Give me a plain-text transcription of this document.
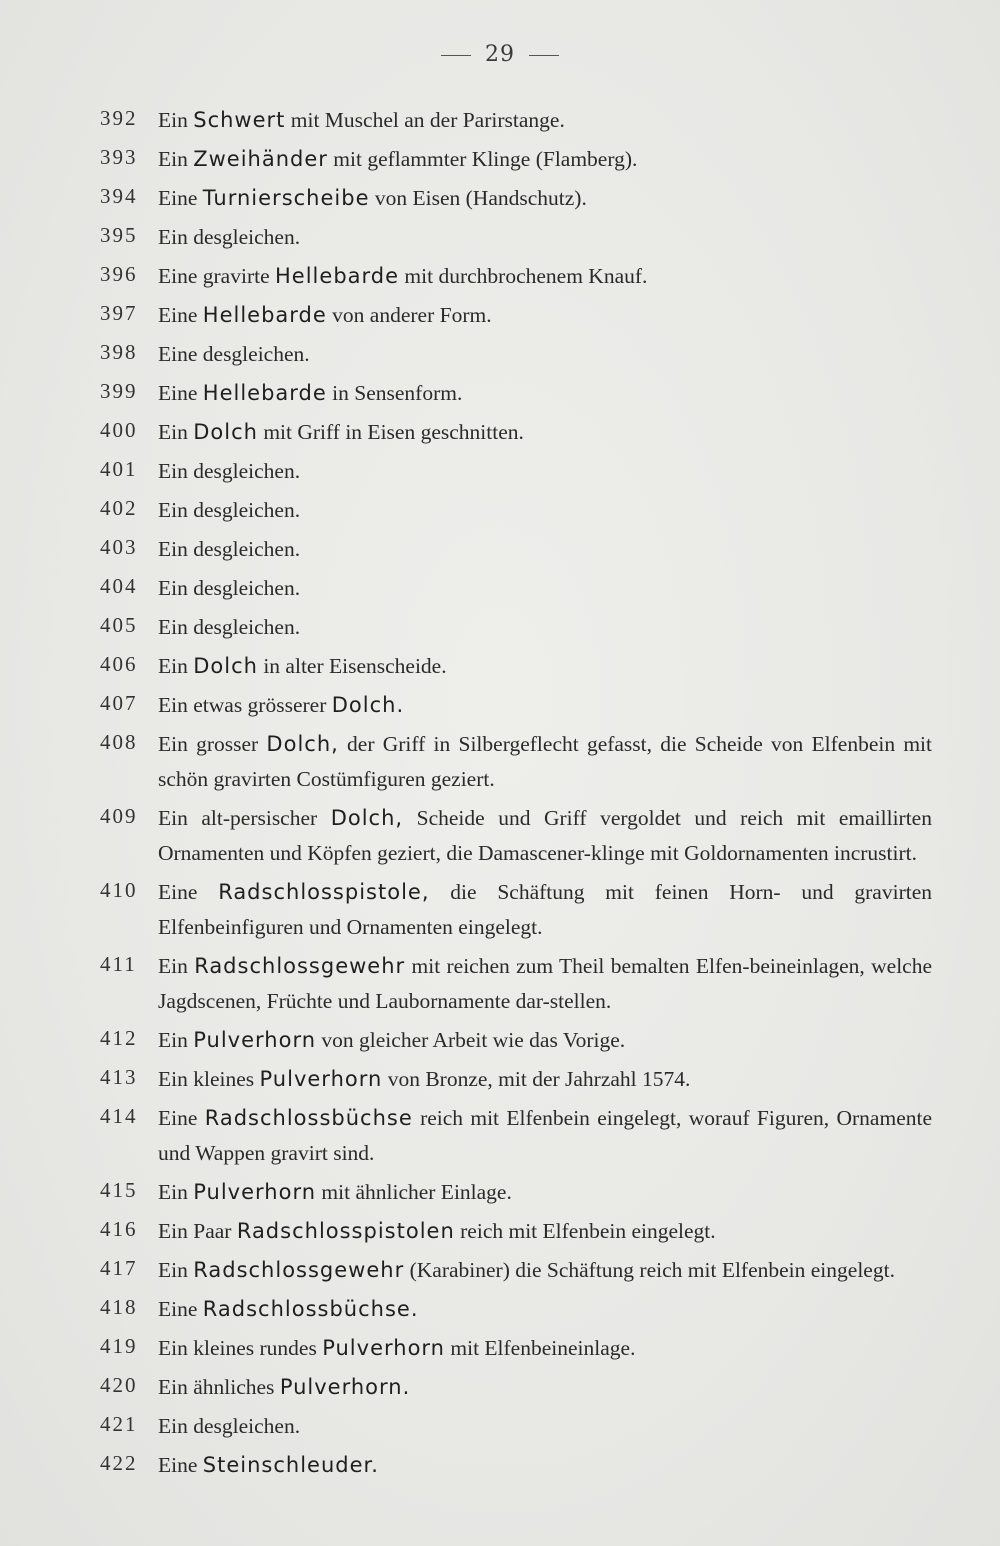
29
392 Ein Schwert mit Muschel an der Parirstange.
393 Ein Zweihänder mit geflammter Klinge (Flamberg).
394 Eine Turnierscheibe von Eisen (Handschutz).
395 Ein desgleichen.
396 Eine gravirte Hellebarde mit durchbrochenem Knauf.
397 Eine Hellebarde von anderer Form.
398 Eine desgleichen.
399 Eine Hellebarde in Sensenform.
400 Ein Dolch mit Griff in Eisen geschnitten.
401 Ein desgleichen.
402 Ein desgleichen.
403 Ein desgleichen.
404 Ein desgleichen.
405 Ein desgleichen.
406 Ein Dolch in alter Eisenscheide.
407 Ein etwas grösserer Dolch.
408 Ein grosser Dolch, der Griff in Silbergeflecht gefasst, die Scheide von Elfenbein mit schön gravirten Costümfiguren geziert.
409 Ein alt-persischer Dolch, Scheide und Griff vergoldet und reich mit emaillirten Ornamenten und Köpfen geziert, die Damascener-klinge mit Goldornamenten incrustirt.
410 Eine Radschlosspistole, die Schäftung mit feinen Horn- und gravirten Elfenbeinfiguren und Ornamenten eingelegt.
411 Ein Radschlossgewehr mit reichen zum Theil bemalten Elfen-beineinlagen, welche Jagdscenen, Früchte und Laubornamente dar-stellen.
412 Ein Pulverhorn von gleicher Arbeit wie das Vorige.
413 Ein kleines Pulverhorn von Bronze, mit der Jahrzahl 1574.
414 Eine Radschlossbüchse reich mit Elfenbein eingelegt, worauf Figuren, Ornamente und Wappen gravirt sind.
415 Ein Pulverhorn mit ähnlicher Einlage.
416 Ein Paar Radschlosspistolen reich mit Elfenbein eingelegt.
417 Ein Radschlossgewehr (Karabiner) die Schäftung reich mit Elfenbein eingelegt.
418 Eine Radschlossbüchse.
419 Ein kleines rundes Pulverhorn mit Elfenbeineinlage.
420 Ein ähnliches Pulverhorn.
421 Ein desgleichen.
422 Eine Steinschleuder.
